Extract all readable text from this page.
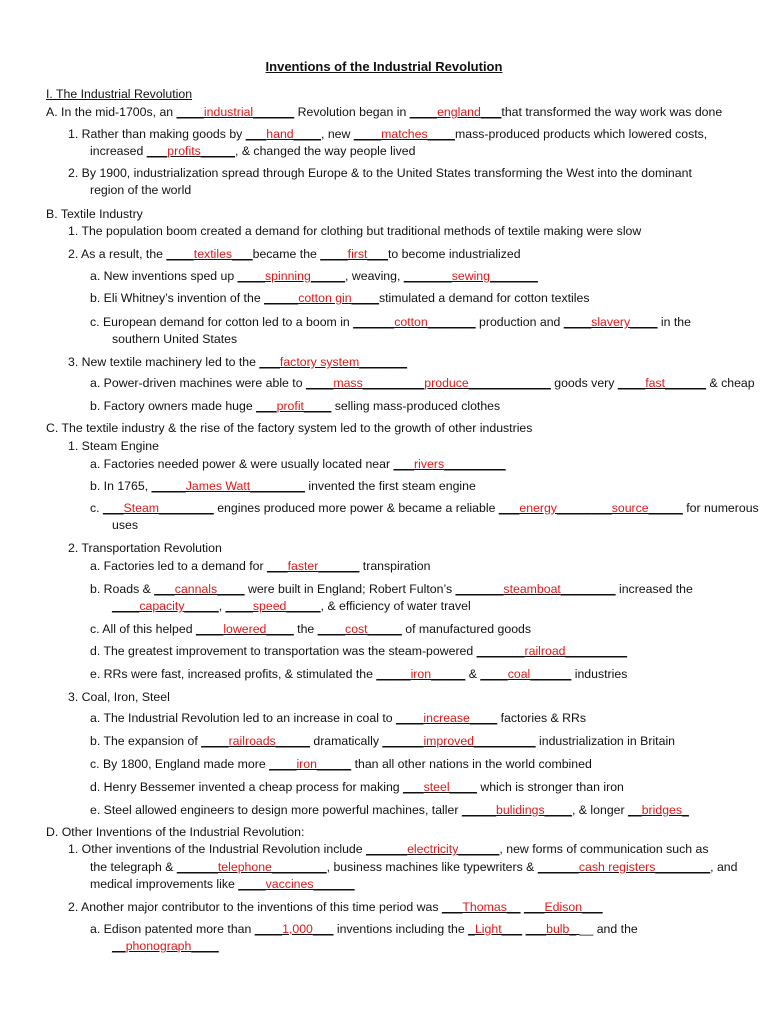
Inventions of the Industrial Revolution
I. The Industrial Revolution
A. In the mid-1700s, an ____industrial______ Revolution began in ____england___that transformed the way work was done
1. Rather than making goods by ___hand____, new ____matches____mass-produced products which lowered costs,
increased ___profits_____, & changed the way people lived
2. By 1900, industrialization spread through Europe & to the United States transforming the West into the dominant
region of the world
B. Textile Industry
1. The population boom created a demand for clothing but traditional methods of textile making were slow
2. As a result, the ____textiles___became the ____first___to become industrialized
a. New inventions sped up ____spinning_____, weaving, _______sewing_______
b. Eli Whitney’s invention of the _____cotton gin____stimulated a demand for cotton textiles
c. European demand for cotton led to a boom in ______cotton_______ production and ____slavery____ in the
southern United States
3. New textile machinery led to the ___factory system_______
a. Power-driven machines were able to ____mass_________produce____________ goods very ____fast______ & cheap
b. Factory owners made huge ___profit____ selling mass-produced clothes
C. The textile industry & the rise of the factory system led to the growth of other industries
1. Steam Engine
a. Factories needed power & were usually located near ___rivers_________
b. In 1765, _____James Watt________ invented the first steam engine
c. ___Steam________ engines produced more power & became a reliable ___energy________source_____ for numerous
uses
2. Transportation Revolution
a. Factories led to a demand for ___faster______ transpiration
b. Roads & ___cannals____ were built in England; Robert Fulton’s _______steamboat________ increased the
____capacity_____, ____speed_____, & efficiency of water travel
c. All of this helped ____lowered____ the ____cost_____ of manufactured goods
d. The greatest improvement to transportation was the steam-powered _______railroad_________
e. RRs were fast, increased profits, & stimulated the _____iron_____ & ____coal______ industries
3. Coal, Iron, Steel
a. The Industrial Revolution led to an increase in coal to ____increase____ factories & RRs
b. The expansion of ____railroads_____ dramatically ______improved_________ industrialization in Britain
c. By 1800, England made more ____iron_____ than all other nations in the world combined
d. Henry Bessemer invented a cheap process for making ___steel____ which is stronger than iron
e. Steel allowed engineers to design more powerful machines, taller _____bulidings____, & longer __bridges_
D. Other Inventions of the Industrial Revolution:
1. Other inventions of the Industrial Revolution include ______electricity______, new forms of communication such as
the telegraph & ______telephone________, business machines like typewriters & ______cash registers________, and
medical improvements like ____vaccines______
2. Another major contributor to the inventions of this time period was ___Thomas__ ___Edison___
a. Edison patented more than ____1,000___ inventions including the _Light___ ___bulb_ __ and the
__phonograph____
